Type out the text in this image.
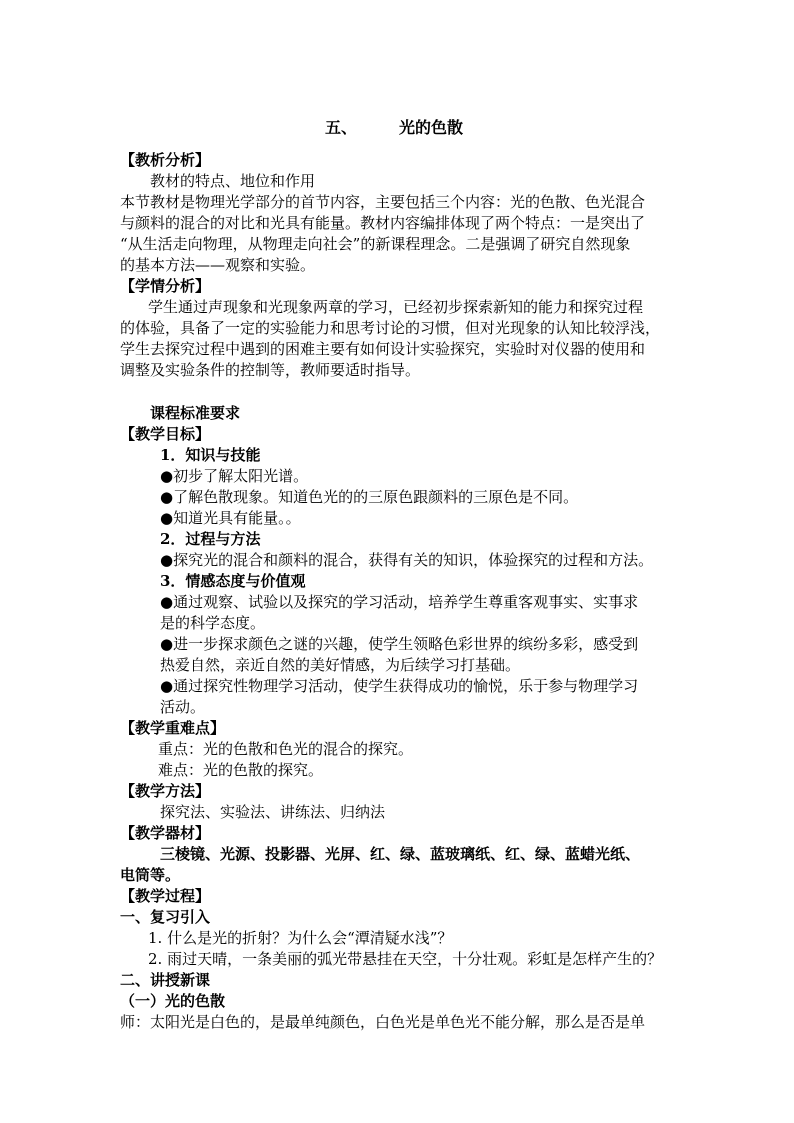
五、	光的色散
【教析分析】
教材的特点、地位和作用
本节教材是物理光学部分的首节内容，主要包括三个内容：光的色散、色光混合
与颜料的混合的对比和光具有能量。教材内容编排体现了两个特点：一是突出了
“从生活走向物理，从物理走向社会”的新课程理念。二是强调了研究自然现象
的基本方法——观察和实验。
【学情分析】
学生通过声现象和光现象两章的学习，已经初步探索新知的能力和探究过程
的体验，具备了一定的实验能力和思考讨论的习惯，但对光现象的认知比较浮浅，
学生去探究过程中遇到的困难主要有如何设计实验探究，实验时对仪器的使用和
调整及实验条件的控制等，教师要适时指导。
课程标准要求
【教学目标】
1．知识与技能
●初步了解太阳光谱。
●了解色散现象。知道色光的的三原色跟颜料的三原色是不同。
●知道光具有能量。。
2．过程与方法
●探究光的混合和颜料的混合，获得有关的知识，体验探究的过程和方法。
3．情感态度与价值观
●通过观察、试验以及探究的学习活动，培养学生尊重客观事实、实事求
是的科学态度。
●进一步探求颜色之谜的兴趣，使学生领略色彩世界的缤纷多彩，感受到
热爱自然，亲近自然的美好情感，为后续学习打基础。
●通过探究性物理学习活动，使学生获得成功的愉悦，乐于参与物理学习
活动。
【教学重难点】
重点：光的色散和色光的混合的探究。
难点：光的色散的探究。
【教学方法】
探究法、实验法、讲练法、归纳法
【教学器材】
三棱镜、光源、投影器、光屏、红、绿、蓝玻璃纸、红、绿、蓝蜡光纸、
电筒等。
【教学过程】
一、复习引入
1. 什么是光的折射？为什么会“潭清疑水浅”？
2. 雨过天晴，一条美丽的弧光带悬挂在天空，十分壮观。彩虹是怎样产生的？
二、讲授新课
（一）光的色散
师：太阳光是白色的，是最单纯颜色，白色光是单色光不能分解，那么是否是单
